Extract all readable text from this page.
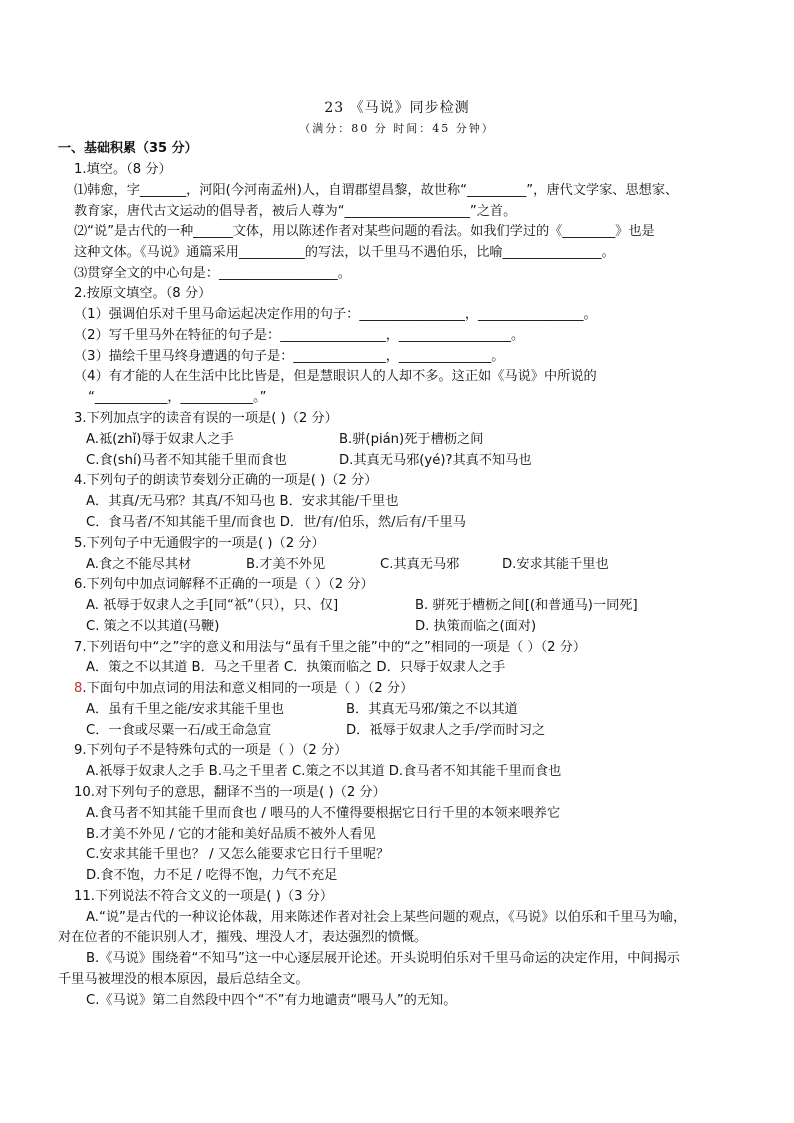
23 《马说》同步检测
（满分：80 分 时间：45 分钟）
一、基础积累（35 分）
1.填空。（8 分）
⑴韩愈，字_______，河阳(今河南孟州)人，自谓郡望昌黎，故世称“_________”，唐代文学家、思想家、
教育家，唐代古文运动的倡导者，被后人尊为“___________________”之首。
⑵“说”是古代的一种______文体，用以陈述作者对某些问题的看法。如我们学过的《________》也是
这种文体。《马说》通篇采用__________的写法，以千里马不遇伯乐，比喻_______________。
⑶贯穿全文的中心句是：__________________。
2.按原文填空。（8 分）
（1）强调伯乐对千里马命运起决定作用的句子：________________，________________。
（2）写千里马外在特征的句子是：________________，_________________。
（3）描绘千里马终身遭遇的句子是：______________，______________。
（4）有才能的人在生活中比比皆是，但是慧眼识人的人却不多。这正如《马说》中所说的
“___________，___________。”
3.下列加点字的读音有误的一项是( )（2 分）
A.祗(zhǐ)辱于奴隶人之手	B.骈(pián)死于槽枥之间
C.食(shí)马者不知其能千里而食也	D.其真无马邪(yé)?其真不知马也
4.下列句子的朗读节奏划分正确的一项是( )（2 分）
A．其真/无马邪？其真/不知马也 B．安求其能/千里也
C．食马者/不知其能千里/而食也 D．世/有/伯乐，然/后有/千里马
5.下列句子中无通假字的一项是( )（2 分）
A.食之不能尽其材	B.才美不外见	C.其真无马邪	D.安求其能千里也
6.下列句中加点词解释不正确的一项是（ ）（2 分）
A. 祇辱于奴隶人之手[同“祇”（只），只、仅]	B. 骈死于槽枥之间[(和普通马)一同死]
C. 策之不以其道(马鞭)	D. 执策而临之(面对)
7.下列语句中“之”字的意义和用法与“虽有千里之能”中的“之”相同的一项是（ ）（2 分）
A．策之不以其道 B．马之千里者 C．执策而临之 D．只辱于奴隶人之手
8.下面句中加点词的用法和意义相同的一项是（ ）（2 分）
A．虽有千里之能/安求其能千里也	B．其真无马邪/策之不以其道
C．一食或尽粟一石/或王命急宣	D．祗辱于奴隶人之手/学而时习之
9.下列句子不是特殊句式的一项是（ ）（2 分）
A.祇辱于奴隶人之手 B.马之千里者 C.策之不以其道 D.食马者不知其能千里而食也
10.对下列句子的意思，翻译不当的一项是( )（2 分）
A.食马者不知其能千里而食也 / 喂马的人不懂得要根据它日行千里的本领来喂养它
B.才美不外见 / 它的才能和美好品质不被外人看见
C.安求其能千里也？ / 又怎么能要求它日行千里呢？
D.食不饱，力不足 / 吃得不饱，力气不充足
11.下列说法不符合文义的一项是( )（3 分）
A.“说”是古代的一种议论体裁，用来陈述作者对社会上某些问题的观点，《马说》以伯乐和千里马为喻，
对在位者的不能识别人才，摧残、埋没人才，表达强烈的愤慨。
B.《马说》围绕着“不知马”这一中心逐层展开论述。开头说明伯乐对千里马命运的决定作用，中间揭示
千里马被埋没的根本原因，最后总结全文。
C.《马说》第二自然段中四个“不”有力地谴责“喂马人”的无知。
